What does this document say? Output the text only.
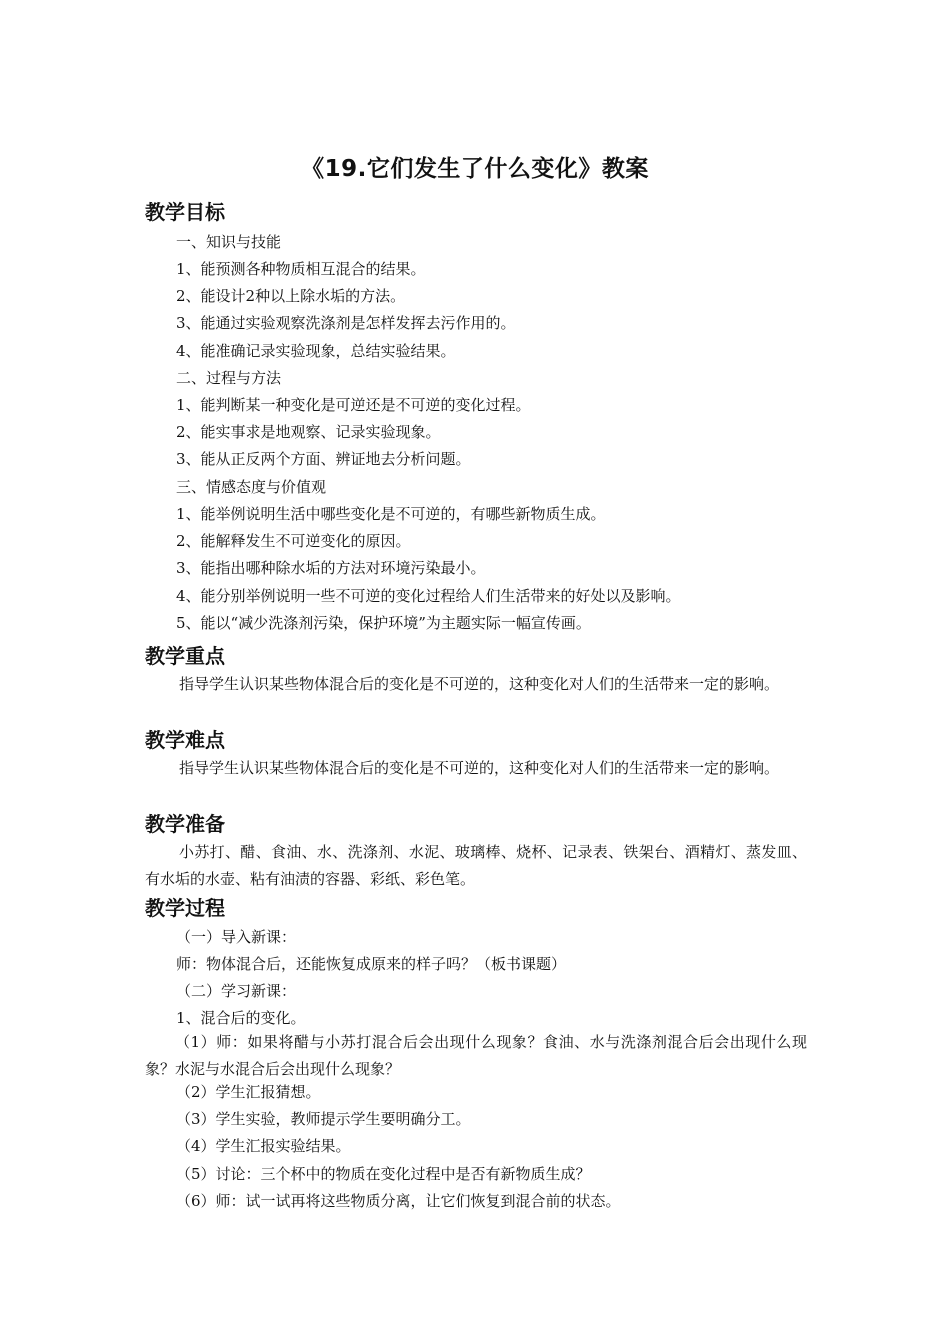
《19.它们发生了什么变化》教案
教学目标
一、知识与技能
1、能预测各种物质相互混合的结果。
2、能设计2种以上除水垢的方法。
3、能通过实验观察洗涤剂是怎样发挥去污作用的。
4、能准确记录实验现象，总结实验结果。
二、过程与方法
1、能判断某一种变化是可逆还是不可逆的变化过程。
2、能实事求是地观察、记录实验现象。
3、能从正反两个方面、辨证地去分析问题。
三、情感态度与价值观
1、能举例说明生活中哪些变化是不可逆的，有哪些新物质生成。
2、能解释发生不可逆变化的原因。
3、能指出哪种除水垢的方法对环境污染最小。
4、能分别举例说明一些不可逆的变化过程给人们生活带来的好处以及影响。
5、能以“减少洗涤剂污染，保护环境”为主题实际一幅宣传画。
教学重点
指导学生认识某些物体混合后的变化是不可逆的，这种变化对人们的生活带来一定的影响。
教学难点
指导学生认识某些物体混合后的变化是不可逆的，这种变化对人们的生活带来一定的影响。
教学准备
小苏打、醋、食油、水、洗涤剂、水泥、玻璃棒、烧杯、记录表、铁架台、酒精灯、蒸发皿、有水垢的水壶、粘有油渍的容器、彩纸、彩色笔。
教学过程
（一）导入新课：
师：物体混合后，还能恢复成原来的样子吗？（板书课题）
（二）学习新课：
1、混合后的变化。
（1）师：如果将醋与小苏打混合后会出现什么现象？食油、水与洗涤剂混合后会出现什么现象？水泥与水混合后会出现什么现象？
（2）学生汇报猜想。
（3）学生实验，教师提示学生要明确分工。
（4）学生汇报实验结果。
（5）讨论：三个杯中的物质在变化过程中是否有新物质生成？
（6）师：试一试再将这些物质分离，让它们恢复到混合前的状态。
